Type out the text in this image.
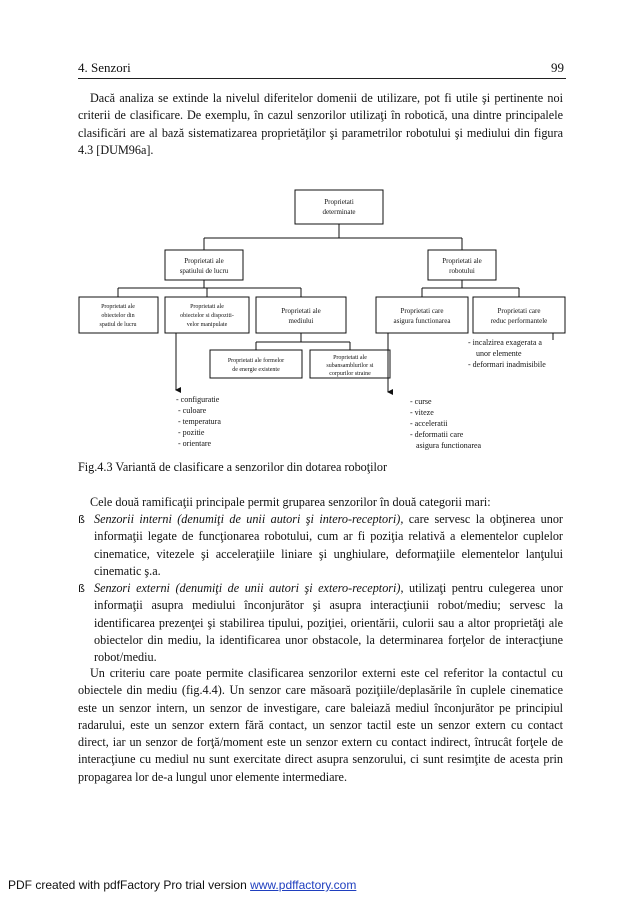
4. Senzori	99

Dacă analiza se extinde la nivelul diferitelor domenii de utilizare, pot fi utile şi pertinente noi criterii de clasificare. De exemplu, în cazul senzorilor utilizaţi în robotică, una dintre principalele clasificări are al bază sistematizarea proprietăţilor şi parametrilor robotului şi mediului din figura 4.3 [DUM96a].

Proprietati
determinate
Proprietati ale
spatiului de lucru
Proprietati ale
robotului
Proprietati ale
obiectelor din
spatiul de lucru
Proprietati ale
obiectelor si dispoziti-
velor manipulate
Proprietati ale
mediului
Proprietati care
asigura functionarea
Proprietati care
reduc performantele
Proprietati ale formelor
de energie existente
Proprietati ale
subansamblurilor si
corpurilor straine
- configuratie
- culoare
- temperatura
- pozitie
- orientare
- curse
- viteze
- acceleratii
- deformatii care
asigura functionarea
- incalzirea exagerata a
unor elemente
- deformari inadmisibile
Fig.4.3 Variantă de clasificare a senzorilor din dotarea roboţilor

Cele două ramificaţii principale permit gruparea senzorilor în două categorii mari:

ß Senzorii interni (denumiţi de unii autori şi intero-receptori), care servesc la obţinerea unor informaţii legate de funcţionarea robotului, cum ar fi poziţia relativă a elementelor cuplelor cinematice, vitezele şi acceleraţiile liniare şi unghiulare, deformaţiile elementelor lanţului cinematic ş.a.
ß Senzori externi (denumiţi de unii autori şi extero-receptori), utilizaţi pentru culegerea unor informaţii asupra mediului înconjurător şi asupra interacţiunii robot/mediu; servesc la identificarea prezenţei şi stabilirea tipului, poziţiei, orientării, culorii sau a altor proprietăţi ale obiectelor din mediu, la identificarea unor obstacole, la determinarea forţelor de interacţiune robot/mediu.

Un criteriu care poate permite clasificarea senzorilor externi este cel referitor la contactul cu obiectele din mediu (fig.4.4). Un senzor care măsoară poziţiile/deplasările în cuplele cinematice este un senzor intern, un senzor de investigare, care baleiază mediul înconjurător pe principiul radarului, este un senzor extern fără contact, un senzor tactil este un senzor extern cu contact direct, iar un senzor de forţă/moment este un senzor extern cu contact indirect, întrucât forţele de interacţiune cu mediul nu sunt exercitate direct asupra senzorului, ci sunt resimţite de acesta prin propagarea lor de-a lungul unor elemente intermediare.

PDF created with pdfFactory Pro trial version www.pdffactory.com
